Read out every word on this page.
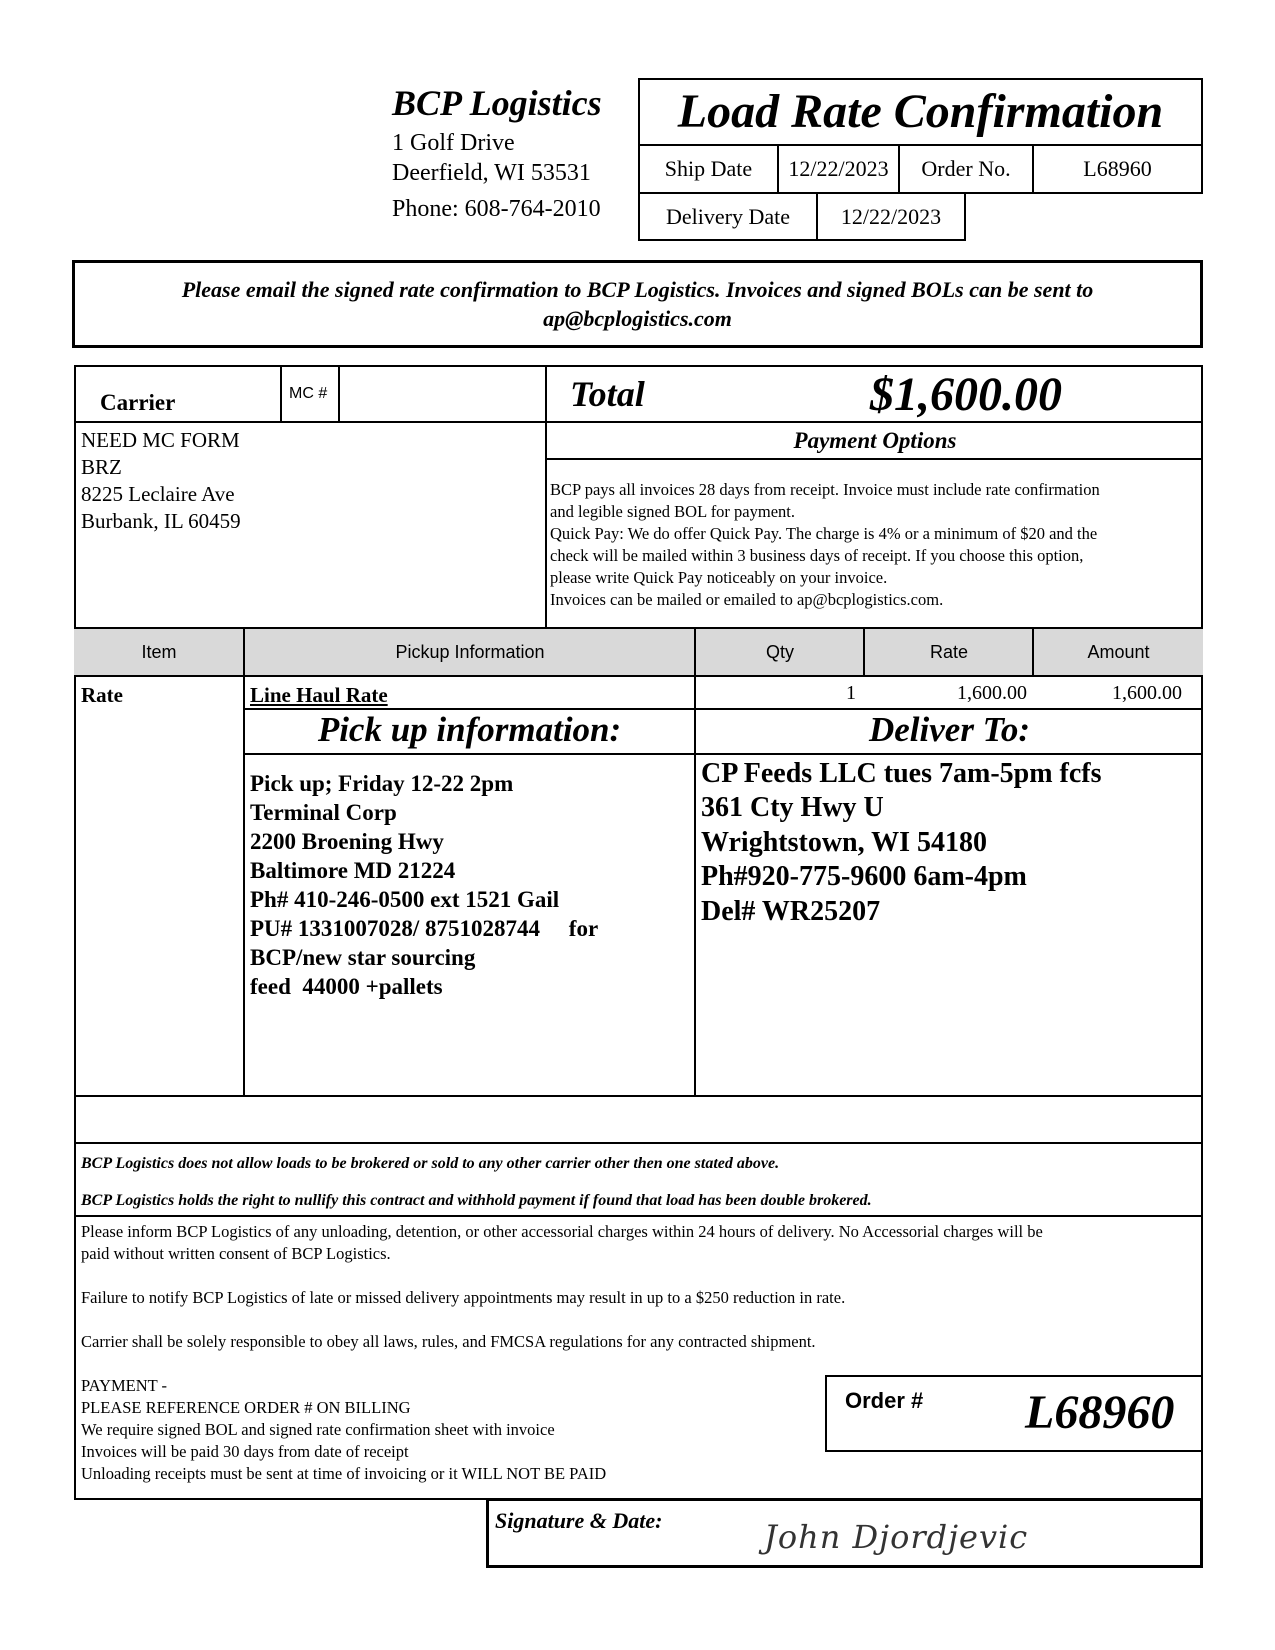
BCP Logistics
1 Golf Drive
Deerfield, WI 53531
Phone: 608-764-2010
Load Rate Confirmation
Ship Date	12/22/2023	Order No.	L68960
Delivery Date	12/22/2023
Please email the signed rate confirmation to BCP Logistics. Invoices and signed BOLs can be sent to ap@bcplogistics.com
Carrier	MC #
NEED MC FORM
BRZ
8225 Leclaire Ave
Burbank, IL 60459
Total	$1,600.00
Payment Options
BCP pays all invoices 28 days from receipt. Invoice must include rate confirmation
and legible signed BOL for payment.
Quick Pay: We do offer Quick Pay. The charge is 4% or a minimum of $20 and the
check will be mailed within 3 business days of receipt. If you choose this option,
please write Quick Pay noticeably on your invoice.
Invoices can be mailed or emailed to ap@bcplogistics.com.
Item	Pickup Information	Qty	Rate	Amount
Rate	Line Haul Rate	1	1,600.00	1,600.00
Pick up information:	Deliver To:
Pick up; Friday 12-22 2pm
Terminal Corp
2200 Broening Hwy
Baltimore MD 21224
Ph# 410-246-0500 ext 1521 Gail
PU# 1331007028/ 8751028744     for
BCP/new star sourcing
feed  44000 +pallets
CP Feeds LLC tues 7am-5pm fcfs
361 Cty Hwy U
Wrightstown, WI 54180
Ph#920-775-9600 6am-4pm
Del# WR25207
BCP Logistics does not allow loads to be brokered or sold to any other carrier other then one stated above.
BCP Logistics holds the right to nullify this contract and withhold payment if found that load has been double brokered.
Please inform BCP Logistics of any unloading, detention, or other accessorial charges within 24 hours of delivery. No Accessorial charges will be
paid without written consent of BCP Logistics.
Failure to notify BCP Logistics of late or missed delivery appointments may result in up to a $250 reduction in rate.
Carrier shall be solely responsible to obey all laws, rules, and FMCSA regulations for any contracted shipment.
PAYMENT -
PLEASE REFERENCE ORDER # ON BILLING
We require signed BOL and signed rate confirmation sheet with invoice
Invoices will be paid 30 days from date of receipt
Unloading receipts must be sent at time of invoicing or it WILL NOT BE PAID
Order # L68960
Signature & Date:	John Djordjevic
